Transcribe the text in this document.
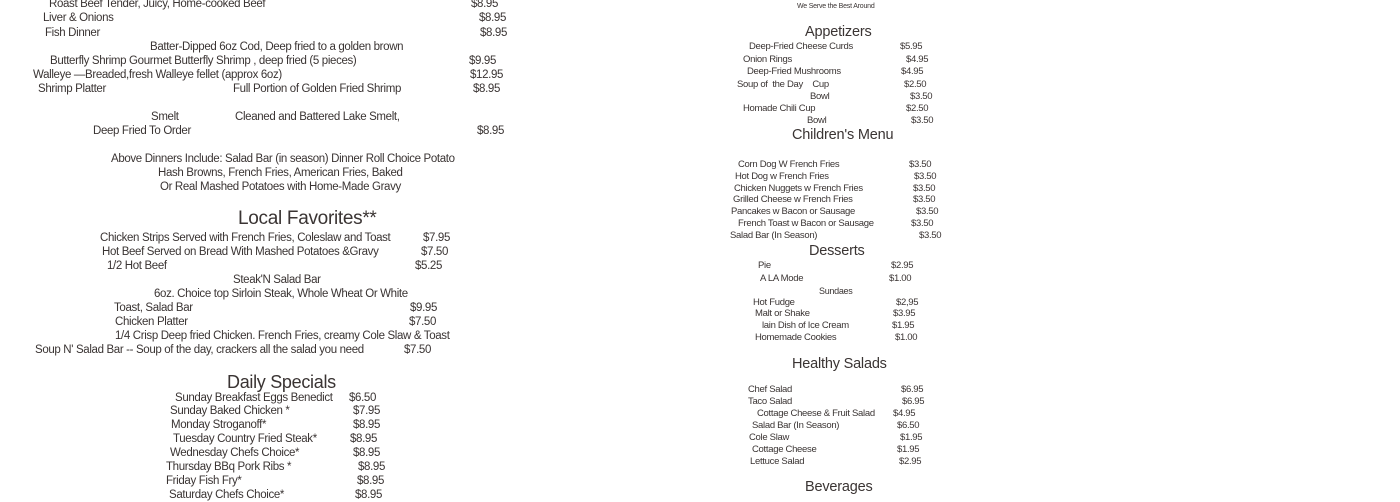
Roast Beef Tender, Juicy, Home-cooked Beef	$8.95
Liver & Onions	$8.95
Fish Dinner	$8.95
Batter-Dipped 6oz Cod, Deep fried to a golden brown
Butterfly Shrimp Gourmet Butterfly Shrimp , deep fried (5 pieces)	$9.95
Walleye —Breaded,fresh Walleye fellet (approx 6oz)	$12.95
Shrimp Platter	Full Portion of Golden Fried Shrimp	$8.95
Smelt	Cleaned and Battered Lake Smelt,
Deep Fried To Order	$8.95
Above Dinners Include: Salad Bar (in season) Dinner Roll Choice Potato
Hash Browns, French Fries, American Fries, Baked
Or Real Mashed Potatoes with Home-Made Gravy
Local Favorites**
Chicken Strips Served with French Fries, Coleslaw and Toast	$7.95
Hot Beef Served on Bread With Mashed Potatoes &Gravy	$7.50
1/2 Hot Beef	$5.25
Steak'N Salad Bar
6oz. Choice top Sirloin Steak, Whole Wheat Or White
Toast, Salad Bar	$9.95
Chicken Platter	$7.50
1/4 Crisp Deep fried Chicken. French Fries, creamy Cole Slaw & Toast
Soup N' Salad Bar -- Soup of the day, crackers all the salad you need	$7.50
Daily Specials
Sunday Breakfast Eggs Benedict $6.50
Sunday Baked Chicken *	$7.95
Monday Stroganoff*	$8.95
Tuesday Country Fried Steak*	$8.95
Wednesday Chefs Choice*	$8.95
Thursday BBq Pork Ribs *	$8.95
Friday Fish Fry*	$8.95
Saturday Chefs Choice*	$8.95
We Serve the Best Around
Appetizers
Deep-Fried Cheese Curds	$5.95
Onion Rings	$4.95
Deep-Fried Mushrooms	$4.95
Soup of  the Day    Cup	$2.50
Bowl	$3.50
Homade Chili Cup	$2.50
Bowl	$3.50
Children's Menu
Corn Dog W French Fries	$3.50
Hot Dog w French Fries	$3.50
Chicken Nuggets w French Fries	$3.50
Grilled Cheese w French Fries	$3.50
Pancakes w Bacon or Sausage	$3.50
French Toast w Bacon or Sausage	$3.50
Salad Bar (In Season)	$3.50
Desserts
Pie	$2.95
A LA Mode	$1.00
Sundaes
Hot Fudge	$2,95
Malt or Shake	$3.95
lain Dish of Ice Cream	$1.95
Homemade Cookies	$1.00
Healthy Salads
Chef Salad	$6.95
Taco Salad	$6.95
Cottage Cheese & Fruit Salad $4.95
Salad Bar (In Season)	$6.50
Cole Slaw	$1.95
Cottage Cheese	$1.95
Lettuce Salad	$2.95
Beverages
